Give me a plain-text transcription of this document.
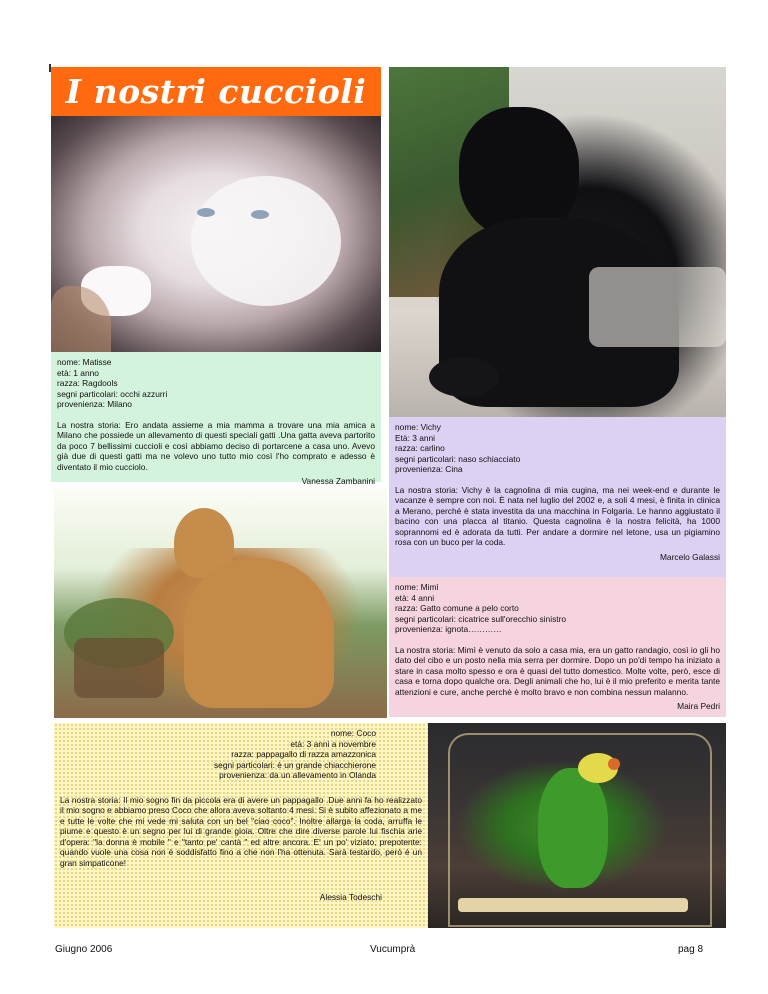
I nostri cuccioli
nome: Matisse
età: 1 anno
razza: Ragdools
segni particolari: occhi azzurri
provenienza: Milano

La nostra storia: Ero andata assieme a mia mamma a trovare una mia amica a Milano che possiede un allevamento di questi speciali gatti .Una gatta aveva partorito da poco 7 bellissimi cuccioli e così abbiamo deciso di portarcene a casa uno. Avevo già due di questi gatti ma ne volevo uno tutto mio così l'ho comprato e adesso è diventato il mio cucciolo.

Vanessa Zambanini

nome: Vichy
Età: 3 anni
razza: carlino
segni particolari: naso schiacciato
provenienza: Cina

La nostra storia: Vichy è la cagnolina di mia cugina, ma nei week-end e durante le vacanze è sempre con noi. È nata nel luglio del 2002 e, a soli 4 mesi, è finita in clinica a Merano, perché è stata investita da una macchina in Folgaria. Le hanno aggiustato il bacino con una placca al titanio. Questa cagnolina è la nostra felicità, ha 1000 soprannomi ed è adorata da tutti. Per andare a dormire nel letone, usa un pigiamino rosa con un buco per la coda.

Marcelo Galassi

nome: Mimì
età: 4 anni
razza: Gatto comune a pelo corto
segni particolari: cicatrice sull'orecchio sinistro
provenienza: ignota…………

La nostra storia: Mimì è venuto da solo a casa mia, era un gatto randagio, così io gli ho dato del cibo e un posto nella mia serra per dormire. Dopo un po'di tempo ha iniziato a stare in casa molto spesso e ora è quasi del tutto domestico. Molte volte, però, esce di casa e torna dopo qualche ora. Degli animali che ho, lui è il mio preferito e merita tante attenzioni e cure, anche perchè è molto bravo e non combina nessun malanno.

Maira Pedri

nome: Coco
età: 3 anni a novembre
razza: pappagallo di razza amazzonica
segni particolari: è un grande chiacchierone
provenienza: da un allevamento in Olanda

La nostra storia: Il mio sogno fin da piccola era di avere un pappagallo .Due anni fa ho realizzato il mio sogno e abbiamo preso Coco che allora aveva soltanto 4 mesi. Si è subito affezionato a me e tutte le volte che mi vede mi saluta con un bel "ciao coco". Inoltre allarga la coda, arruffa le piume e questo è un segno per lui di grande gioia. Oltre che dire diverse parole lui fischia arie d'opera: "la donna è mobile " e "tanto pe' cantà " ed altre ancora. E' un po' viziato, prepotente: quando vuole una cosa non è soddisfatto fino a che non l'ha ottenuta. Sarà testardo, però è un gran simpaticone!

Alessia Todeschi

Giugno 2006	Vucumprà	pag 8
